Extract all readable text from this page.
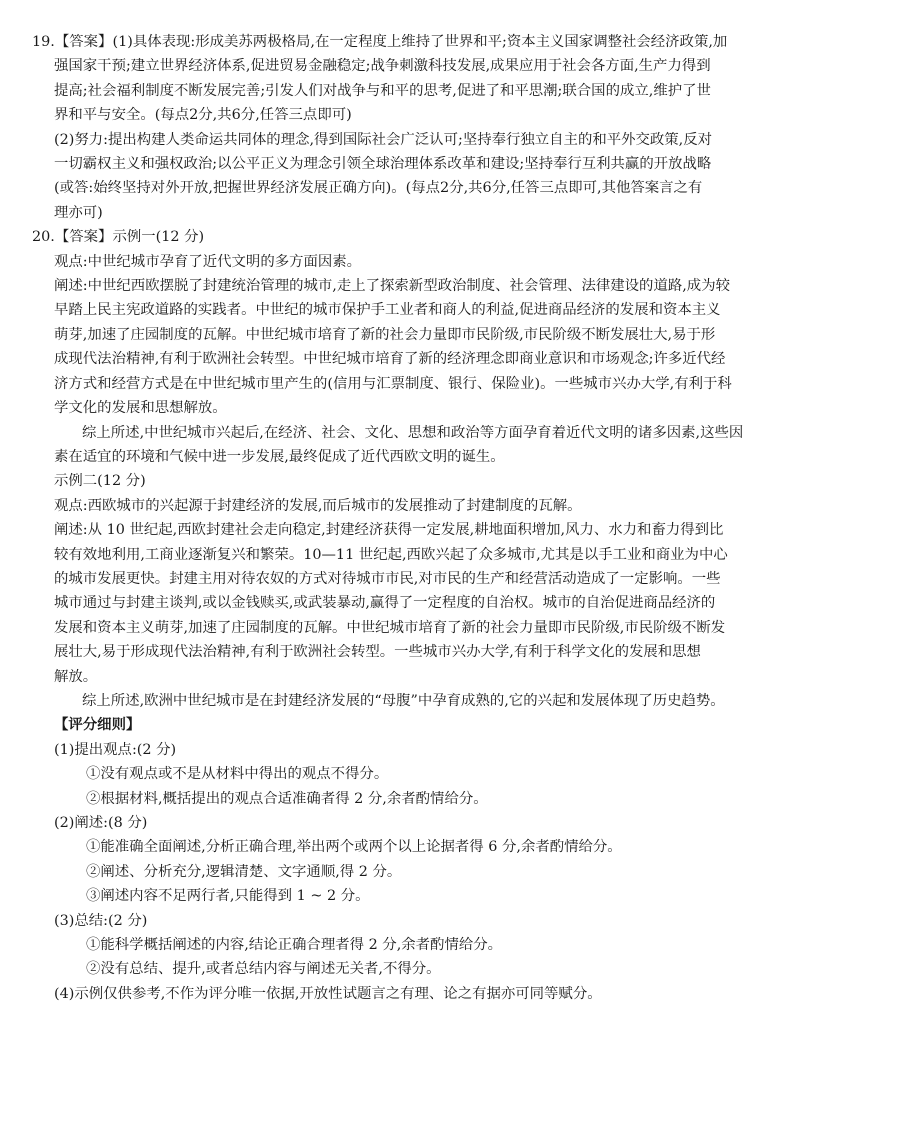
19.【答案】(1)具体表现:形成美苏两极格局,在一定程度上维持了世界和平;资本主义国家调整社会经济政策,加

强国家干预;建立世界经济体系,促进贸易金融稳定;战争刺激科技发展,成果应用于社会各方面,生产力得到

提高;社会福利制度不断发展完善;引发人们对战争与和平的思考,促进了和平思潮;联合国的成立,维护了世

界和平与安全。(每点2分,共6分,任答三点即可)

(2)努力:提出构建人类命运共同体的理念,得到国际社会广泛认可;坚持奉行独立自主的和平外交政策,反对

一切霸权主义和强权政治;以公平正义为理念引领全球治理体系改革和建设;坚持奉行互利共赢的开放战略

(或答:始终坚持对外开放,把握世界经济发展正确方向)。(每点2分,共6分,任答三点即可,其他答案言之有

理亦可)

20.【答案】示例一(12 分)

观点:中世纪城市孕育了近代文明的多方面因素。

阐述:中世纪西欧摆脱了封建统治管理的城市,走上了探索新型政治制度、社会管理、法律建设的道路,成为较

早踏上民主宪政道路的实践者。中世纪的城市保护手工业者和商人的利益,促进商品经济的发展和资本主义

萌芽,加速了庄园制度的瓦解。中世纪城市培育了新的社会力量即市民阶级,市民阶级不断发展壮大,易于形

成现代法治精神,有利于欧洲社会转型。中世纪城市培育了新的经济理念即商业意识和市场观念;许多近代经

济方式和经营方式是在中世纪城市里产生的(信用与汇票制度、银行、保险业)。一些城市兴办大学,有利于科

学文化的发展和思想解放。

综上所述,中世纪城市兴起后,在经济、社会、文化、思想和政治等方面孕育着近代文明的诸多因素,这些因

素在适宜的环境和气候中进一步发展,最终促成了近代西欧文明的诞生。

示例二(12 分)

观点:西欧城市的兴起源于封建经济的发展,而后城市的发展推动了封建制度的瓦解。

阐述:从 10 世纪起,西欧封建社会走向稳定,封建经济获得一定发展,耕地面积增加,风力、水力和畜力得到比

较有效地利用,工商业逐渐复兴和繁荣。10—11 世纪起,西欧兴起了众多城市,尤其是以手工业和商业为中心

的城市发展更快。封建主用对待农奴的方式对待城市市民,对市民的生产和经营活动造成了一定影响。一些

城市通过与封建主谈判,或以金钱赎买,或武装暴动,赢得了一定程度的自治权。城市的自治促进商品经济的

发展和资本主义萌芽,加速了庄园制度的瓦解。中世纪城市培育了新的社会力量即市民阶级,市民阶级不断发

展壮大,易于形成现代法治精神,有利于欧洲社会转型。一些城市兴办大学,有利于科学文化的发展和思想

解放。

综上所述,欧洲中世纪城市是在封建经济发展的“母腹”中孕育成熟的,它的兴起和发展体现了历史趋势。

【评分细则】

(1)提出观点:(2 分)

①没有观点或不是从材料中得出的观点不得分。

②根据材料,概括提出的观点合适准确者得 2 分,余者酌情给分。

(2)阐述:(8 分)

①能准确全面阐述,分析正确合理,举出两个或两个以上论据者得 6 分,余者酌情给分。

②阐述、分析充分,逻辑清楚、文字通顺,得 2 分。

③阐述内容不足两行者,只能得到 1 ~ 2 分。

(3)总结:(2 分)

①能科学概括阐述的内容,结论正确合理者得 2 分,余者酌情给分。

②没有总结、提升,或者总结内容与阐述无关者,不得分。

(4)示例仅供参考,不作为评分唯一依据,开放性试题言之有理、论之有据亦可同等赋分。
